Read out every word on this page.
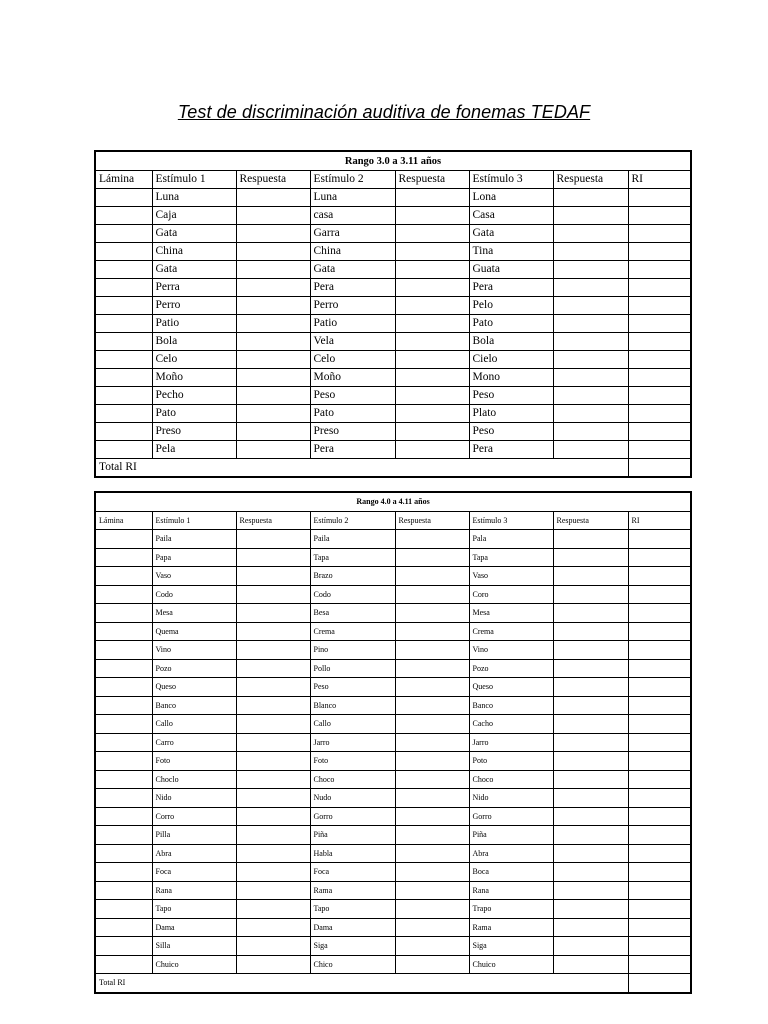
Test de discriminación auditiva de fonemas TEDAF
Rango 3.0 a 3.11 años							
Lámina	Estímulo 1	Respuesta	Estímulo 2	Respuesta	Estímulo 3	Respuesta	RI
	Luna		Luna		Lona		
	Caja		casa		Casa		
	Gata		Garra		Gata		
	China		China		Tina		
	Gata		Gata		Guata		
	Perra		Pera		Pera		
	Perro		Perro		Pelo		
	Patio		Patio		Pato		
	Bola		Vela		Bola		
	Celo		Celo		Cielo		
	Moño		Moño		Mono		
	Pecho		Peso		Peso		
	Pato		Pato		Plato		
	Preso		Preso		Peso		
	Pela		Pera		Pera		
Total RI							
Rango 4.0 a 4.11 años							
Lámina	Estímulo 1	Respuesta	Estímulo 2	Respuesta	Estímulo 3	Respuesta	RI
	Paila		Paila		Pala		
	Papa		Tapa		Tapa		
	Vaso		Brazo		Vaso		
	Codo		Codo		Coro		
	Mesa		Besa		Mesa		
	Quema		Crema		Crema		
	Vino		Pino		Vino		
	Pozo		Pollo		Pozo		
	Queso		Peso		Queso		
	Banco		Blanco		Banco		
	Callo		Callo		Cacho		
	Carro		Jarro		Jarro		
	Foto		Foto		Poto		
	Choclo		Choco		Choco		
	Nido		Nudo		Nido		
	Corro		Gorro		Gorro		
	Pilla		Piña		Piña		
	Abra		Habla		Abra		
	Foca		Foca		Boca		
	Rana		Rama		Rana		
	Tapo		Tapo		Trapo		
	Dama		Dama		Rama		
	Silla		Siga		Siga		
	Chuico		Chico		Chuico		
Total RI							
